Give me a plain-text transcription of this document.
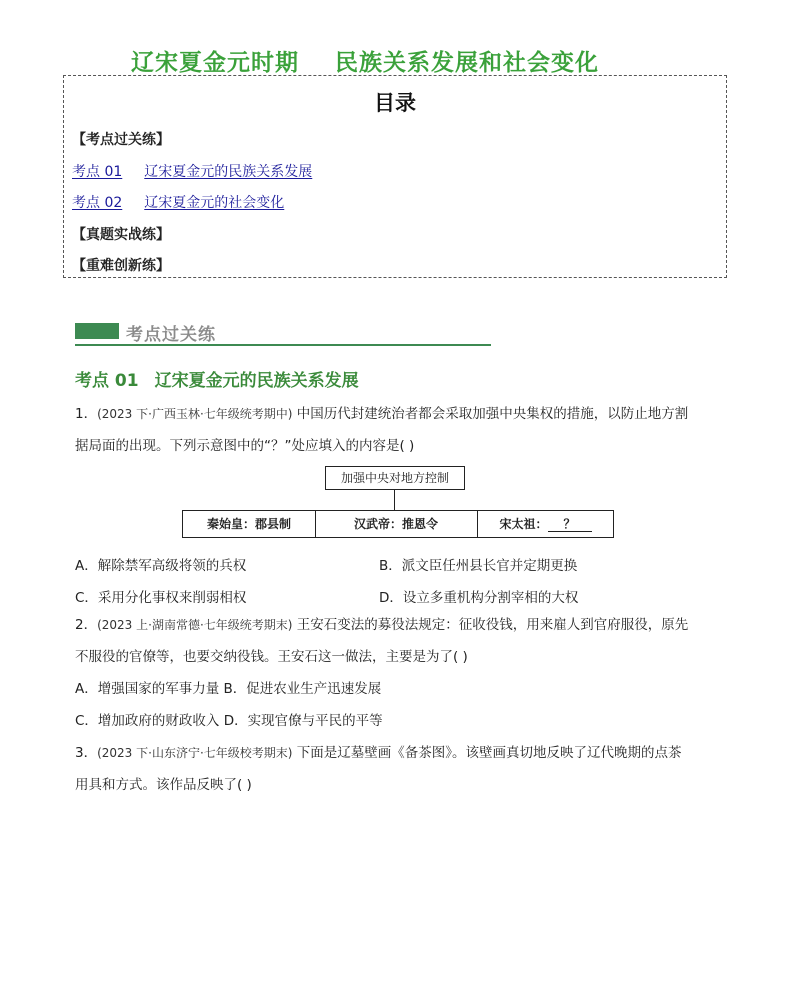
辽宋夏金元时期 民族关系发展和社会变化
目录
【考点过关练】
考点 01 辽宋夏金元的民族关系发展
考点 02 辽宋夏金元的社会变化
【真题实战练】
【重难创新练】
考点过关练
考点 01 辽宋夏金元的民族关系发展
1．(2023 下·广西玉林·七年级统考期中) 中国历代封建统治者都会采取加强中央集权的措施，以防止地方割
据局面的出现。下列示意图中的“？”处应填入的内容是( )
加强中央对地方控制
秦始皇：郡县制	汉武帝：推恩令	宋太祖： ？
A．解除禁军高级将领的兵权	B．派文臣任州县长官并定期更换
C．采用分化事权来削弱相权	D．设立多重机构分割宰相的大权
2．(2023 上·湖南常德·七年级统考期末) 王安石变法的募役法规定：征收役钱，用来雇人到官府服役，原先
不服役的官僚等，也要交纳役钱。王安石这一做法，主要是为了( )
A．增强国家的军事力量 B．促进农业生产迅速发展
C．增加政府的财政收入 D．实现官僚与平民的平等
3．(2023 下·山东济宁·七年级校考期末) 下面是辽墓壁画《备茶图》。该壁画真切地反映了辽代晚期的点茶
用具和方式。该作品反映了( )
